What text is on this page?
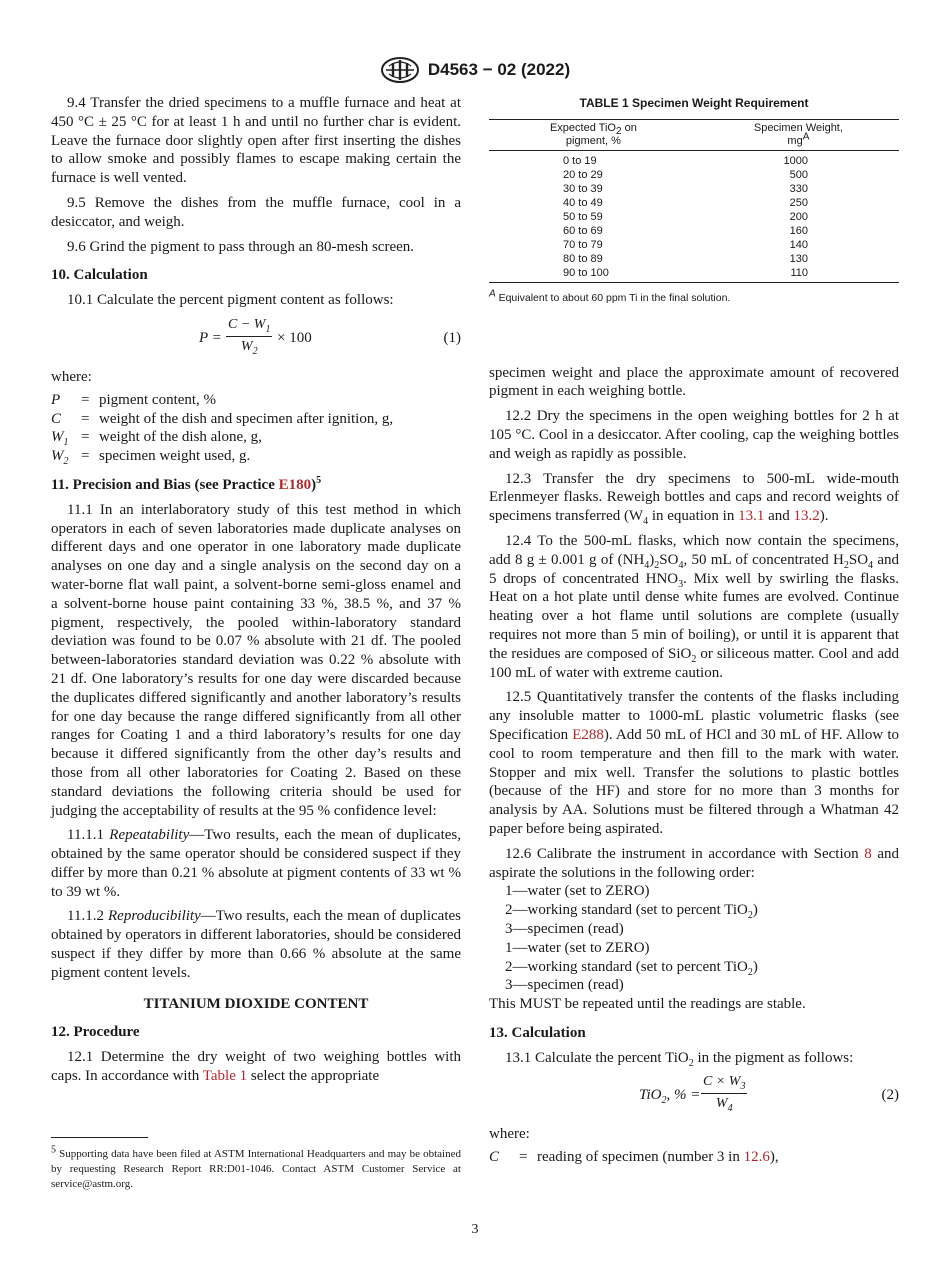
D4563 − 02 (2022)

9.4 Transfer the dried specimens to a muffle furnace and heat at 450 °C ± 25 °C for at least 1 h and until no further char is evident. Leave the furnace door slightly open after first inserting the dishes to allow smoke and possibly flames to escape making certain the furnace is well vented.

9.5 Remove the dishes from the muffle furnace, cool in a desiccator, and weigh.

9.6 Grind the pigment to pass through an 80-mesh screen.

10. Calculation

10.1 Calculate the percent pigment content as follows:

$P = \frac{C - W_1}{W_2} \times 100$	(1)
where:
P	= pigment content, %
C	= weight of the dish and specimen after ignition, g,
$W_1$ = weight of the dish alone, g,
$W_2$ = specimen weight used, g.
11. Precision and Bias (see Practice E180)$^5$

11.1 In an interlaboratory study of this test method in which operators in each of seven laboratories made duplicate analyses on different days and one operator in one laboratory made duplicate analyses on one day and a single analysis on the second day on a water-borne flat wall paint, a solvent-borne semi-gloss enamel and a solvent-borne house paint containing 33 %, 38.5 %, and 37 % pigment, respectively, the pooled within-laboratory standard deviation was found to be 0.07 % absolute with 21 df. The pooled between-laboratories standard deviation was 0.22 % absolute with 21 df. One laboratory’s results for one day were discarded because the duplicates differed significantly and another laboratory’s results for one day because the range differed significantly from all other ranges for Coating 1 and a third laboratory’s results for one day because it differed significantly from the other day’s results and those from all other laboratories for Coating 2. Based on these standard deviations the following criteria should be used for judging the acceptability of results at the 95 % confidence level:

11.1.1 Repeatability—Two results, each the mean of duplicates, obtained by the same operator should be considered suspect if they differ by more than 0.21 % absolute at pigment contents of 33 wt % to 39 wt %.

11.1.2 Reproducibility—Two results, each the mean of duplicates obtained by operators in different laboratories, should be considered suspect if they differ by more than 0.66 % absolute at the same pigment content levels.

TITANIUM DIOXIDE CONTENT
12. Procedure

12.1 Determine the dry weight of two weighing bottles with caps. In accordance with Table 1 select the appropriate

TABLE 1 Specimen Weight Requirement
Expected TiO$_2$ on
pigment, %	Specimen Weight,
$mg^A$
0 to 19	1000
20 to 29	500
30 to 39	330
40 to 49	250
50 to 59	200
60 to 69	160
70 to 79	140
80 to 89	130
90 to 100	110
$^A$ Equivalent to about 60 ppm Ti in the final solution.

specimen weight and place the approximate amount of recovered pigment in each weighing bottle.

12.2 Dry the specimens in the open weighing bottles for 2 h at 105 °C. Cool in a desiccator. After cooling, cap the weighing bottles and weigh as rapidly as possible.

12.3 Transfer the dry specimens to 500-mL wide-mouth Erlenmeyer flasks. Reweigh bottles and caps and record weights of specimens transferred ($W_4$ in equation in 13.1 and 13.2).

12.4 To the 500-mL flasks, which now contain the specimens, add 8 g ± 0.001 g of $(NH_4)_2SO_4$, 50 mL of concentrated $H_2SO_4$ and 5 drops of concentrated $HNO_3$. Mix well by swirling the flasks. Heat on a hot plate until dense white fumes are evolved. Continue heating over a hot flame until solutions are complete (usually requires not more than 5 min of boiling), or until it is apparent that the residues are composed of SiO$_2$ or siliceous matter. Cool and add 100 mL of water with extreme caution.

12.5 Quantitatively transfer the contents of the flasks including any insoluble matter to 1000-mL plastic volumetric flasks (see Specification E288). Add 50 mL of HCl and 30 mL of HF. Allow to cool to room temperature and then fill to the mark with water. Stopper and mix well. Transfer the solutions to plastic bottles (because of the HF) and store for no more than 3 months for analysis by AA. Solutions must be filtered through a Whatman 42 paper before being aspirated.

12.6 Calibrate the instrument in accordance with Section 8 and aspirate the solutions in the following order:

1—water (set to ZERO)
2—working standard (set to percent TiO$_2$)
3—specimen (read)
1—water (set to ZERO)
2—working standard (set to percent TiO$_2$)
3—specimen (read)

This MUST be repeated until the readings are stable.

13. Calculation

13.1 Calculate the percent TiO$_2$ in the pigment as follows:

TiO$_2$, % = $\frac{C \times W_3}{W_4}$	(2)
where:
C	= reading of specimen (number 3 in 12.6),
$^5$ Supporting data have been filed at ASTM International Headquarters and may be obtained by requesting Research Report RR:D01-1046. Contact ASTM Customer Service at service@astm.org.
3
